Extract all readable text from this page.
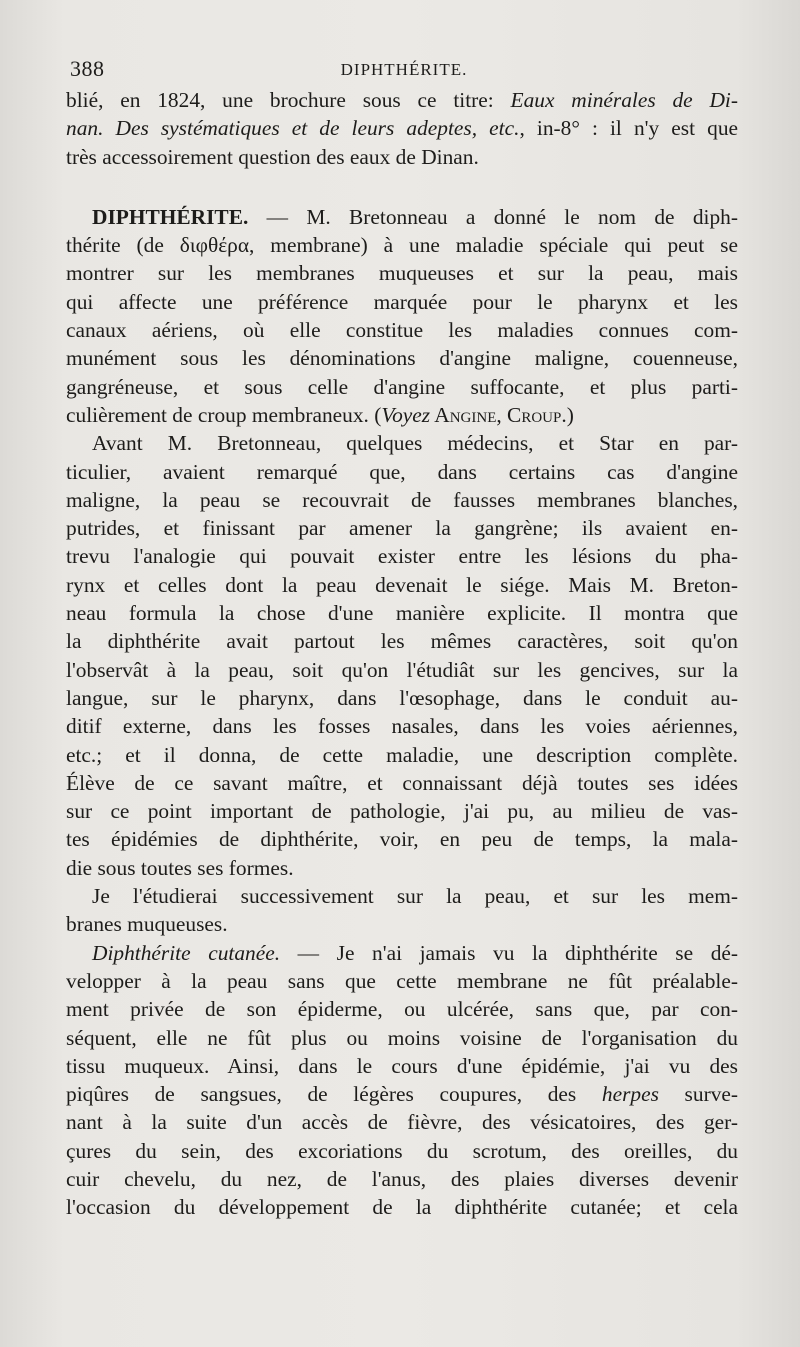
388	DIPHTHÉRITE.
blié, en 1824, une brochure sous ce titre: Eaux minérales de Di-
nan. Des systématiques et de leurs adeptes, etc., in-8° : il n'y est que
très accessoirement question des eaux de Dinan.
DIPHTHÉRITE. — M. Bretonneau a donné le nom de diph-
thérite (de διφθέρα, membrane) à une maladie spéciale qui peut se
montrer sur les membranes muqueuses et sur la peau, mais
qui affecte une préférence marquée pour le pharynx et les
canaux aériens, où elle constitue les maladies connues com-
munément sous les dénominations d'angine maligne, couenneuse,
gangréneuse, et sous celle d'angine suffocante, et plus parti-
culièrement de croup membraneux. (Voyez Angine, Croup.)
Avant M. Bretonneau, quelques médecins, et Star en par-
ticulier, avaient remarqué que, dans certains cas d'angine
maligne, la peau se recouvrait de fausses membranes blanches,
putrides, et finissant par amener la gangrène; ils avaient en-
trevu l'analogie qui pouvait exister entre les lésions du pha-
rynx et celles dont la peau devenait le siége. Mais M. Breton-
neau formula la chose d'une manière explicite. Il montra que
la diphthérite avait partout les mêmes caractères, soit qu'on
l'observât à la peau, soit qu'on l'étudiât sur les gencives, sur la
langue, sur le pharynx, dans l'œsophage, dans le conduit au-
ditif externe, dans les fosses nasales, dans les voies aériennes,
etc.; et il donna, de cette maladie, une description complète.
Élève de ce savant maître, et connaissant déjà toutes ses idées
sur ce point important de pathologie, j'ai pu, au milieu de vas-
tes épidémies de diphthérite, voir, en peu de temps, la mala-
die sous toutes ses formes.
Je l'étudierai successivement sur la peau, et sur les mem-
branes muqueuses.
Diphthérite cutanée. — Je n'ai jamais vu la diphthérite se dé-
velopper à la peau sans que cette membrane ne fût préalable-
ment privée de son épiderme, ou ulcérée, sans que, par con-
séquent, elle ne fût plus ou moins voisine de l'organisation du
tissu muqueux. Ainsi, dans le cours d'une épidémie, j'ai vu des
piqûres de sangsues, de légères coupures, des herpes surve-
nant à la suite d'un accès de fièvre, des vésicatoires, des ger-
çures du sein, des excoriations du scrotum, des oreilles, du
cuir chevelu, du nez, de l'anus, des plaies diverses devenir
l'occasion du développement de la diphthérite cutanée; et cela
